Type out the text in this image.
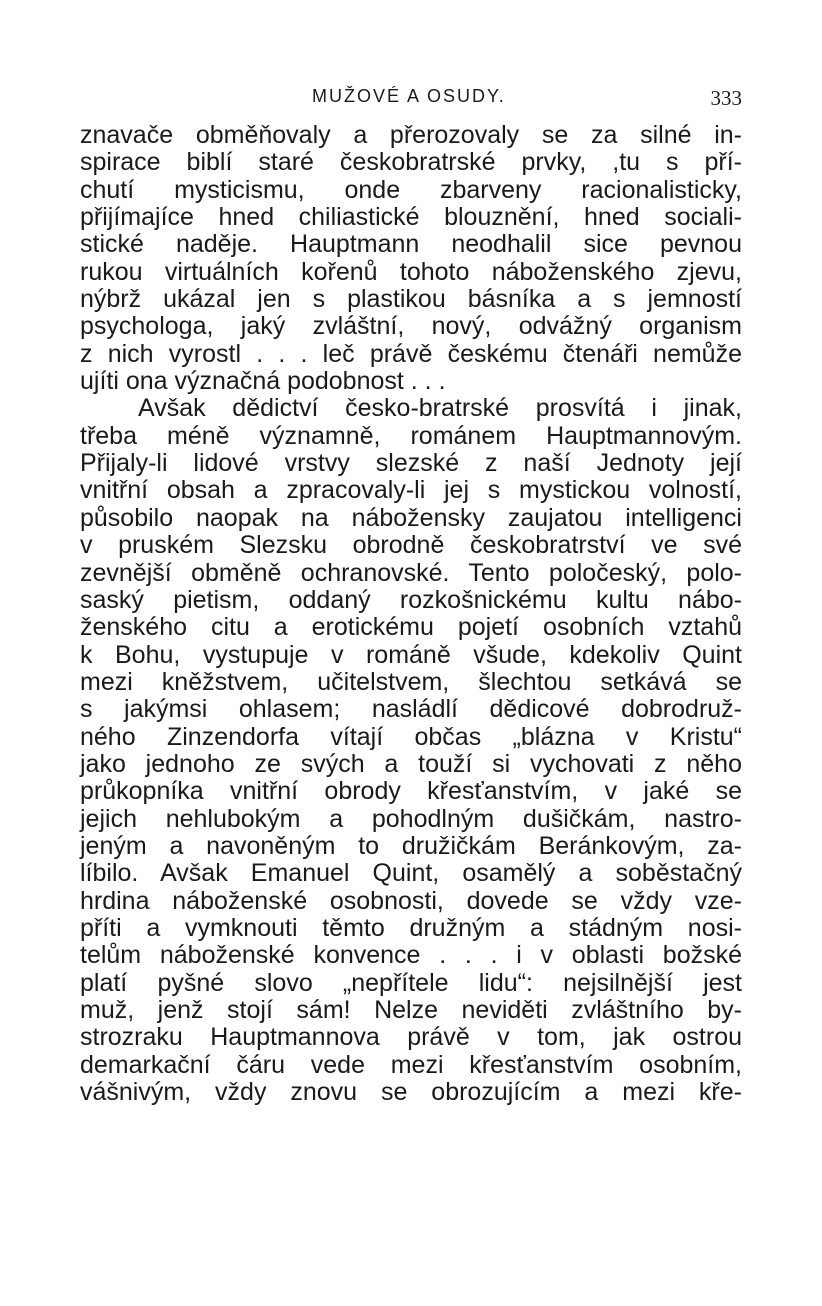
MUŽOVÉ A OSUDY.	333
znavače obměňovaly a přerozovaly se za silné in-
spirace biblí staré českobratrské prvky, ,tu s pří-
chutí mysticismu, onde zbarveny racionalisticky,
přijímajíce hned chiliastické blouznění, hned sociali-
stické naděje. Hauptmann neodhalil sice pevnou
rukou virtuálních kořenů tohoto náboženského zjevu,
nýbrž ukázal jen s plastikou básníka a s jemností
psychologa, jaký zvláštní, nový, odvážný organism
z nich vyrostl . . . leč právě českému čtenáři nemůže
ujíti ona význačná podobnost . . .
Avšak dědictví česko-bratrské prosvítá i jinak,
třeba méně významně, románem Hauptmannovým.
Přijaly-li lidové vrstvy slezské z naší Jednoty její
vnitřní obsah a zpracovaly-li jej s mystickou volností,
působilo naopak na nábožensky zaujatou intelligenci
v pruském Slezsku obrodně českobratrství ve své
zevnější obměně ochranovské. Tento poločeský, polo-
saský pietism, oddaný rozkošnickému kultu nábo-
ženského citu a erotickému pojetí osobních vztahů
k Bohu, vystupuje v románě všude, kdekoliv Quint
mezi kněžstvem, učitelstvem, šlechtou setkává se
s jakýmsi ohlasem; nasládlí dědicové dobrodruž-
ného Zinzendorfa vítají občas „blázna v Kristu“
jako jednoho ze svých a touží si vychovati z něho
průkopníka vnitřní obrody křesťanstvím, v jaké se
jejich nehlubokým a pohodlným dušičkám, nastro-
jeným a navoněným to družičkám Beránkovým, za-
líbilo. Avšak Emanuel Quint, osamělý a soběstačný
hrdina náboženské osobnosti, dovede se vždy vze-
příti a vymknouti těmto družným a stádným nosi-
telům náboženské konvence . . . i v oblasti božské
platí pyšné slovo „nepřítele lidu“: nejsilnější jest
muž, jenž stojí sám! Nelze neviděti zvláštního by-
strozraku Hauptmannova právě v tom, jak ostrou
demarkační čáru vede mezi křesťanstvím osobním,
vášnivým, vždy znovu se obrozujícím a mezi kře-
